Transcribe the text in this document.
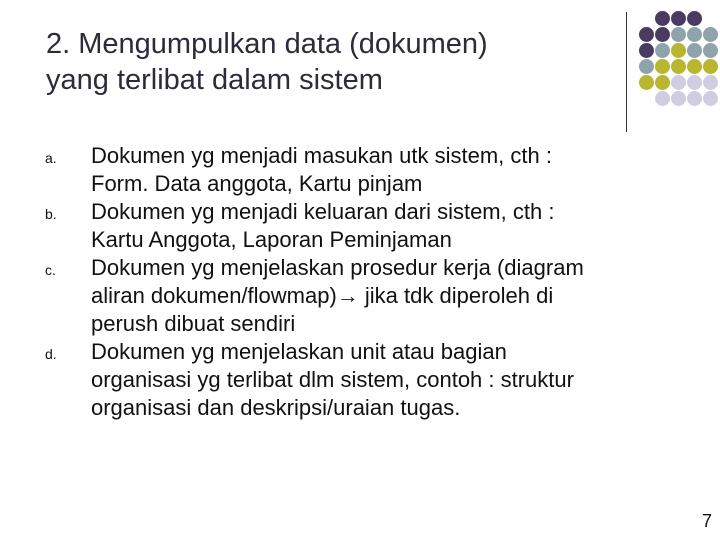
2. Mengumpulkan data (dokumen)
yang terlibat dalam sistem
a.	Dokumen yg menjadi masukan utk sistem, cth :
Form. Data anggota, Kartu pinjam
b.	Dokumen yg menjadi keluaran dari sistem, cth :
Kartu Anggota, Laporan Peminjaman
c.	Dokumen yg menjelaskan prosedur kerja (diagram
aliran dokumen/flowmap)→ jika tdk diperoleh di
perush dibuat sendiri
d.	Dokumen yg menjelaskan unit atau bagian
organisasi yg terlibat dlm sistem, contoh : struktur
organisasi dan deskripsi/uraian tugas.
7
